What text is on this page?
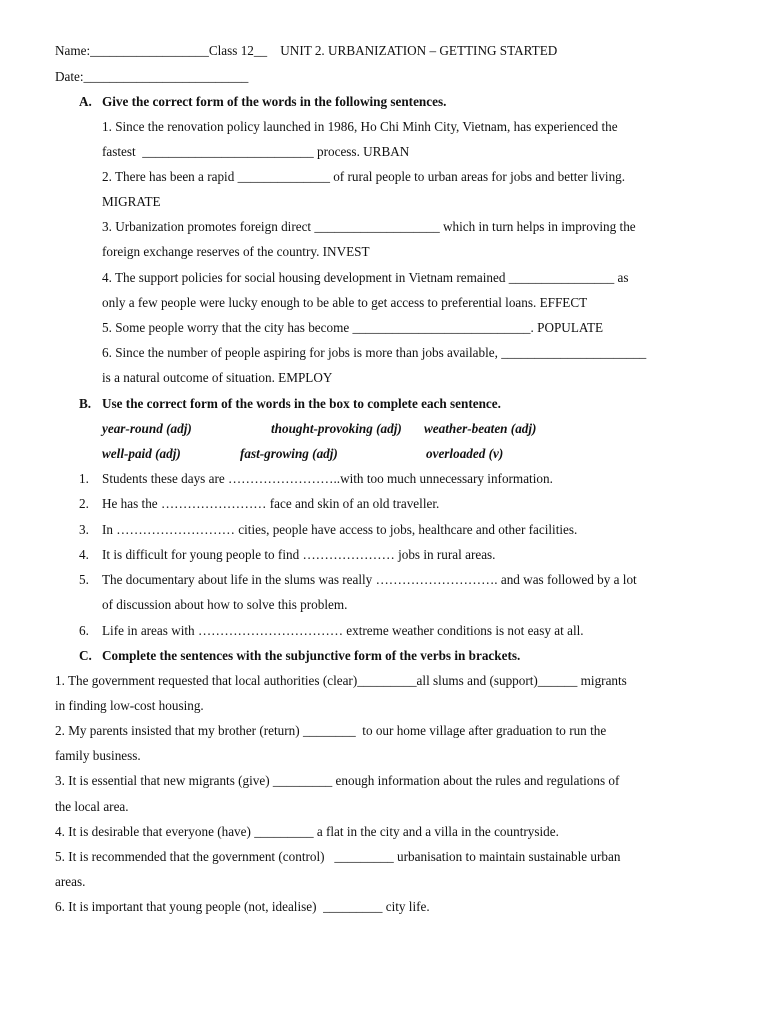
Name:__________________Class 12__    UNIT 2. URBANIZATION – GETTING STARTED
Date:_________________________
A. Give the correct form of the words in the following sentences.
1. Since the renovation policy launched in 1986, Ho Chi Minh City, Vietnam, has experienced the
fastest  __________________________ process. URBAN
2. There has been a rapid ______________ of rural people to urban areas for jobs and better living.
MIGRATE
3. Urbanization promotes foreign direct ___________________ which in turn helps in improving the
foreign exchange reserves of the country. INVEST
4. The support policies for social housing development in Vietnam remained ________________ as
only a few people were lucky enough to be able to get access to preferential loans. EFFECT
5. Some people worry that the city has become ___________________________. POPULATE
6. Since the number of people aspiring for jobs is more than jobs available, ______________________
is a natural outcome of situation. EMPLOY
B. Use the correct form of the words in the box to complete each sentence.
year-round (adj)	thought-provoking (adj) weather-beaten (adj)
well-paid (adj)	fast-growing (adj)	overloaded (v)
1. Students these days are ……………………..with too much unnecessary information.
2. He has the …………………… face and skin of an old traveller.
3. In ……………………… cities, people have access to jobs, healthcare and other facilities.
4. It is difficult for young people to find ………………… jobs in rural areas.
5. The documentary about life in the slums was really ………………………. and was followed by a lot
of discussion about how to solve this problem.
6. Life in areas with …………………………… extreme weather conditions is not easy at all.
C. Complete the sentences with the subjunctive form of the verbs in brackets.
1. The government requested that local authorities (clear)_________all slums and (support)______ migrants
in finding low-cost housing.
2. My parents insisted that my brother (return) ________  to our home village after graduation to run the
family business.
3. It is essential that new migrants (give) _________ enough information about the rules and regulations of
the local area.
4. It is desirable that everyone (have) _________ a flat in the city and a villa in the countryside.
5. It is recommended that the government (control)   _________ urbanisation to maintain sustainable urban
areas.
6. It is important that young people (not, idealise)  _________ city life.
